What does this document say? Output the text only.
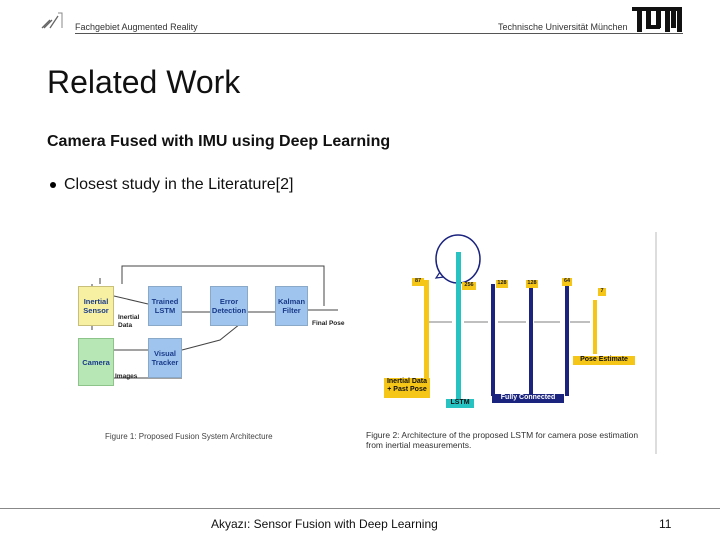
Fachgebiet Augmented Reality	Technische Universität München
Related Work
Camera Fused with IMU using Deep Learning
Closest study in the Literature[2]
Inertial Sensor
Trained LSTM
Error Detection
Kalman Filter
Camera
Visual Tracker
Inertial Data	Final Pose
Images
Figure 1: Proposed Fusion System Architecture
87
256	128	128	64
7
Inertial Data + Past Pose
LSTM
Fully Connected
Pose Estimate
Figure 2: Architecture of the proposed LSTM for camera pose estimation from inertial measurements.
Akyazı: Sensor Fusion with Deep Learning	11
